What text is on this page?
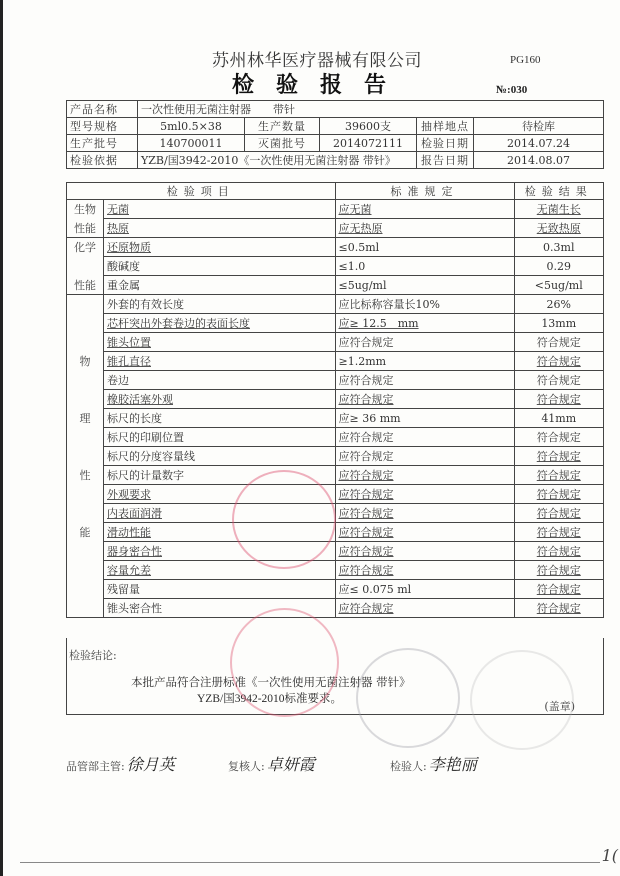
苏州林华医疗器械有限公司	PG160
检验报告	№:030
产品名称	一次性使用无菌注射器　　带针				
型号规格	5ml0.5×38	生产数量	39600支	抽样地点	待检库
生产批号	140700011	灭菌批号	2014072111	检验日期	2014.07.24
检验依据	YZB/国3942-2010《一次性使用无菌注射器 带针》			报告日期	2014.08.07
检验项目		标准规定	检验结果
生物	无菌	应无菌	无菌生长
性能	热原	应无热原	无致热原
化学	还原物质	≤0.5ml	0.3ml
	酸碱度	≤1.0	0.29
性能	重金属	≤5ug/ml	<5ug/ml
	外套的有效长度	应比标称容量长10%	26%
	芯杆突出外套卷边的表面长度	应≥ 12.5　mm	13mm
	锥头位置	应符合规定	符合规定
物	锥孔直径	≥1.2mm	符合规定
	卷边	应符合规定	符合规定
	橡胶活塞外观	应符合规定	符合规定
理	标尺的长度	应≥ 36 mm	41mm
	标尺的印刷位置	应符合规定	符合规定
	标尺的分度容量线	应符合规定	符合规定
性	标尺的计量数字	应符合规定	符合规定
	外观要求	应符合规定	符合规定
	内表面润滑	应符合规定	符合规定
能	滑动性能	应符合规定	符合规定
	器身密合性	应符合规定	符合规定
	容量允差	应符合规定	符合规定
	残留量	应≤ 0.075 ml	符合规定
	锥头密合性	应符合规定	符合规定
检验结论:
本批产品符合注册标准《一次性使用无菌注射器 带针》
YZB/国3942-2010标准要求。
(盖章)
品管部主管: 徐月英	复核人: 卓妍霞	检验人: 李艳丽
1(
